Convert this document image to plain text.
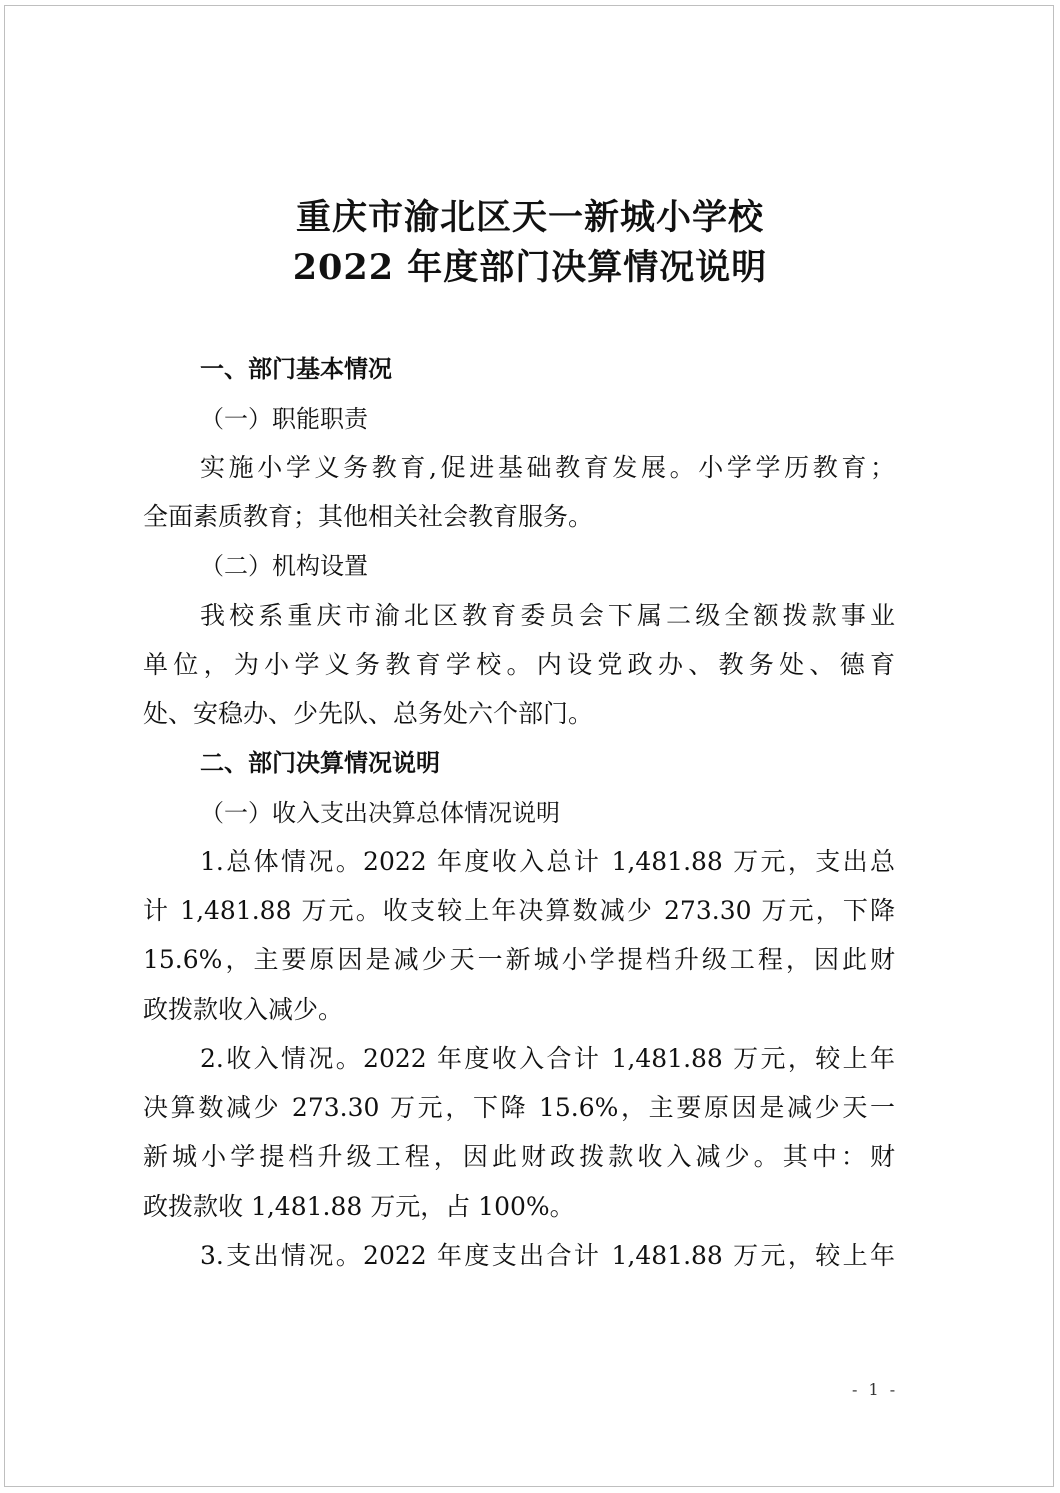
重庆市渝北区天一新城小学校
2022 年度部门决算情况说明
一、部门基本情况
（一）职能职责
实施小学义务教育,促进基础教育发展。小学学历教育；
全面素质教育；其他相关社会教育服务。
（二）机构设置
我校系重庆市渝北区教育委员会下属二级全额拨款事业
单位，为小学义务教育学校。内设党政办、教务处、德育
处、安稳办、少先队、总务处六个部门。
二、部门决算情况说明
（一）收入支出决算总体情况说明
1.总体情况。2022 年度收入总计 1,481.88 万元，支出总
计 1,481.88 万元。收支较上年决算数减少 273.30 万元，下降
15.6%，主要原因是减少天一新城小学提档升级工程，因此财
政拨款收入减少。
2.收入情况。2022 年度收入合计 1,481.88 万元，较上年
决算数减少 273.30 万元，下降 15.6%，主要原因是减少天一
新城小学提档升级工程，因此财政拨款收入减少。其中：财
政拨款收 1,481.88 万元，占 100%。
3.支出情况。2022 年度支出合计 1,481.88 万元，较上年
- 1 -
